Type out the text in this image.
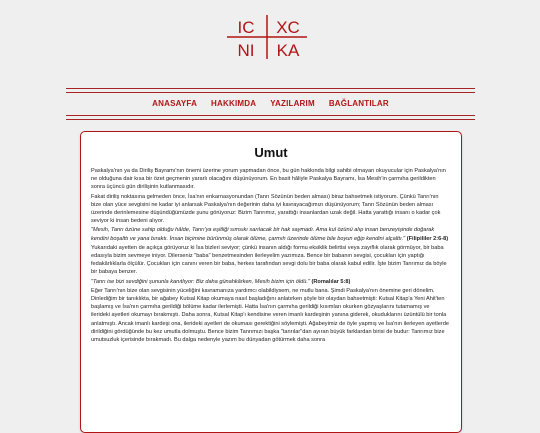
IC XC
NI KA
ANASAYFA HAKKIMDA YAZILARIM BAĞLANTILAR
Umut

Paskalya'nın ya da Diriliş Bayramı'nın önemi üzerine yorum yapmadan önce, bu gün hakkında bilgi sahibi olmayan okuyucular için Paskalya'nın ne olduğuna dair kısa bir özet geçmenin yararlı olacağını düşünüyorum. En basit hâliyle Paskalya Bayramı, İsa Mesih'in çarmıha gerildikten sonra üçüncü gün dirilişinin kutlanmasıdır.

Fakat diriliş noktasına gelmeden önce, İsa'nın enkarnasyonundan (Tanrı Sözünün beden alması) biraz bahsetmek istiyorum. Çünkü Tanrı'nın bize olan yüce sevgisini ne kadar iyi anlarsak Paskalya'nın değerinin daha iyi kavrayacağımızı düşünüyorum; Tanrı Sözünün beden alması üzerinde derinlemesine düşündüğümüzde şunu görüyoruz: Bizim Tanrımız, yarattığı insanlardan uzak değil. Hatta yarattığı insanı o kadar çok seviyor ki insan bedeni alıyor.

"Mesih, Tanrı özüne sahip olduğu hâlde, Tanrı'ya eşitliği sımsıkı sarılacak bir hak saymadı. Ama kul özünü alıp insan benzeyişinde doğarak kendini boşalttı ve yana bıraktı. İnsan biçimine bürünmüş olarak ölüme, çarmıh üzerinde ölüme bile boyun eğip kendini alçalttı." (Filipililer 2:6-8)

Yukarıdaki ayetten de açıkça görüyoruz ki İsa bizleri seviyor; çünkü insanın aldığı formu eksiklik belirtisi veya zayıflık olarak görmüyor, bir baba edasıyla bizim sevmeye iniyor. Dilerseniz "baba" benzetmesinden ilerleyelim yazımıza. Bence bir babanın sevgisi, çocukları için yaptığı fedakârlıklarla ölçülür. Çocukları için canını veren bir baba, herkes tarafından sevgi dolu bir baba olarak kabul edilir. İşte bizim Tanrımız da böyle bir babaya benzer.

"Tanrı ise bizi sevdiğini şununla kanıtlıyor: Biz daha günahkârken, Mesih bizim için öldü." (Romalılar 5:8)

Eğer Tanrı'nın bize olan sevgisinin yüceliğini kavramanıza yardımcı olabildiysem, ne mutlu bana. Şimdi Paskalya'nın önemine geri dönelim. Dinlediğim bir tanıklıkta, bir ağabey Kutsal Kitap okumaya nasıl başladığını anlatırken şöyle bir olaydan bahsetmişti: Kutsal Kitap'a Yeni Ahit'ten başlamış ve İsa'nın çarmıha gerildiği bölüme kadar ilerlemişti. Hatta İsa'nın çarmıha gerildiği kısımları okurken gözyaşlarını tutamamış ve ilerideki ayetleri okumayı bırakmıştı. Daha sonra, Kutsal Kitap'ı kendisine veren imanlı kardeşinin yanına giderek, okuduklarını üzüntülü bir tonla anlatmıştı. Ancak imanlı kardeşi ona, ilerideki ayetleri de okuması gerektiğini söylemişti. Ağabeyimiz de öyle yapmış ve İsa'nın ilerleyen ayetlerde dirildiğini gördüğünde bu kez umutla dolmuştu. Bence bizim Tanrımızı başka "tanrılar"dan ayıran büyük farklardan birisi de budur: Tanrımız bize umutsuzluk içerisinde bırakmadı. Bu dalga nedenyle yazım bu dünyadan götürmek daha sonra
